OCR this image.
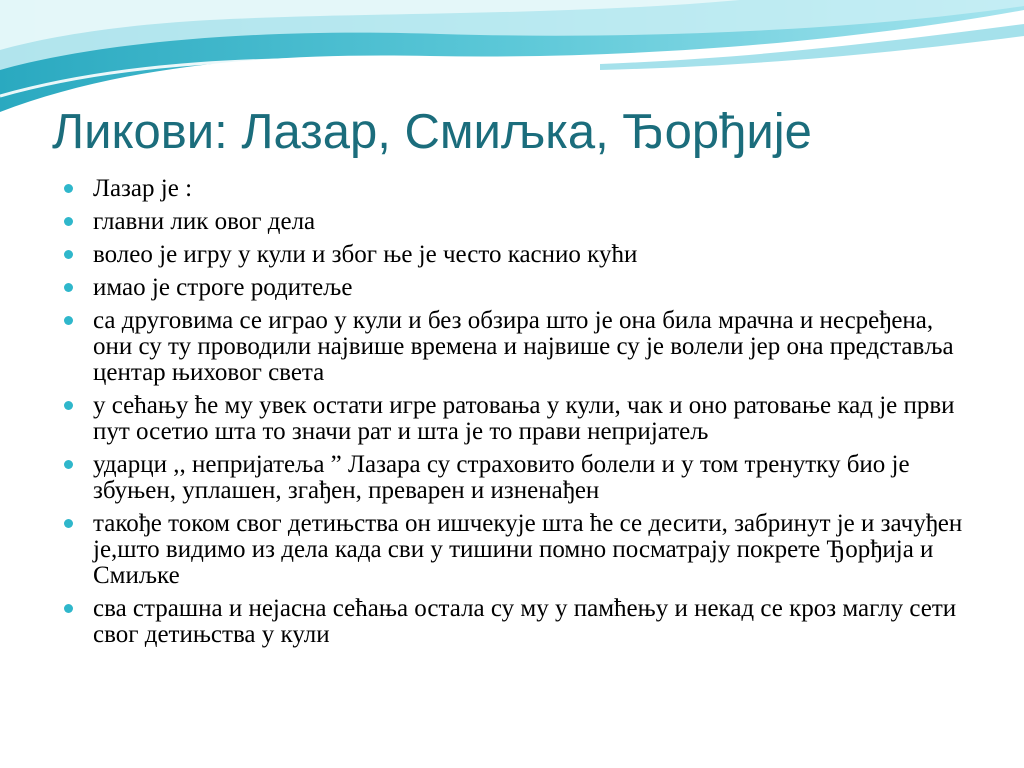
Ликови: Лазар, Смиљка, Ђорђије
Лазар је :
главни лик овог дела
волео је игру у кули и због ње је често каснио кући
имао је строге родитеље
са друговима се играо у кули и без обзира што је она била мрачна и несређена, они су ту проводили највише времена и највише су је волели јер она представља центар њиховог света
у сећању ће му увек остати игре ратовања у кули, чак и оно ратовање кад је први пут осетио шта то значи рат и шта је то прави непријатељ
ударци ,, непријатеља ” Лазара су страховито болели и у том тренутку био је збуњен, уплашен, згађен, преварен и изненађен
такође током свог детињства он ишчекује шта ће се десити, забринут је и зачуђен је,што видимо из дела када сви у тишини помно посматрају покрете Ђорђија и Смиљке
сва страшна и нејасна сећања остала су му у памћењу и некад се кроз маглу сети свог детињства у кули
